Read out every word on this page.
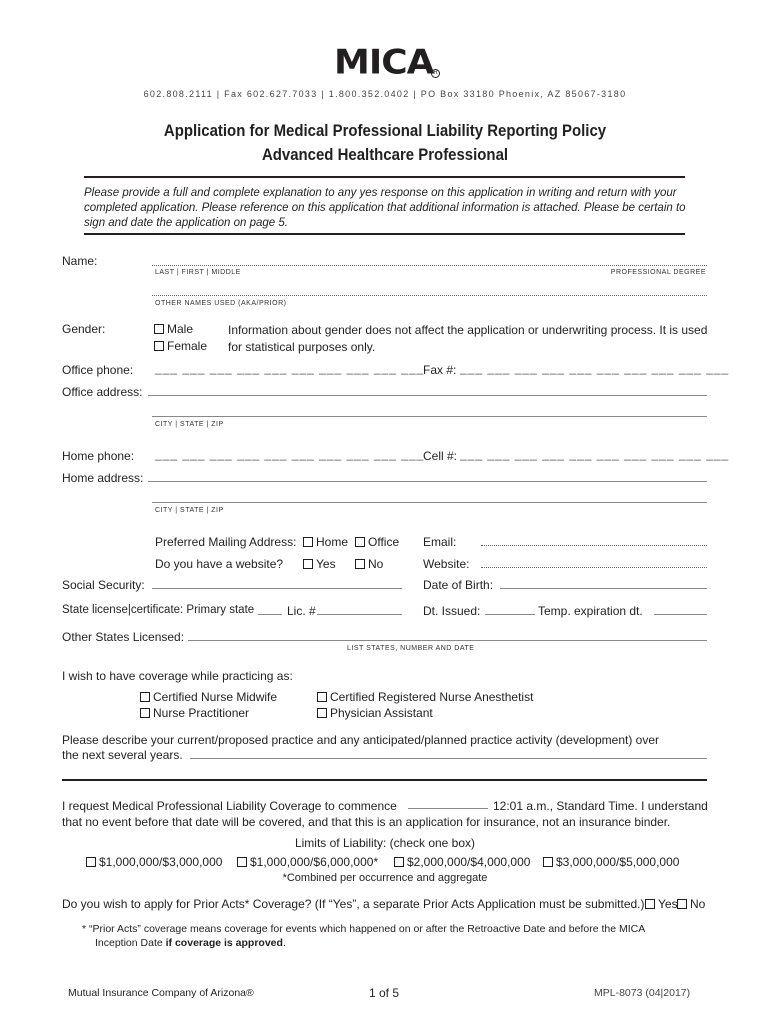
MICA R
602.808.2111 | Fax 602.627.7033 | 1.800.352.0402 | PO Box 33180 Phoenix, AZ 85067-3180
Application for Medical Professional Liability Reporting Policy
Advanced Healthcare Professional
Please provide a full and complete explanation to any yes response on this application in writing and return with your completed application. Please reference on this application that additional information is attached. Please be certain to sign and date the application on page 5.
Name:
LAST | FIRST | MIDDLE	PROFESSIONAL DEGREE
OTHER NAMES USED (AKA/PRIOR)
Gender:	Male
Female
Information about gender does not affect the application or underwriting process. It is used for statistical purposes only.
Office phone: ___ ___ ___ ___ ___ ___ ___ ___ ___ ___
Fax #: ___ ___ ___ ___ ___ ___ ___ ___ ___ ___
Office address:
CITY | STATE | ZIP
Home phone: ___ ___ ___ ___ ___ ___ ___ ___ ___ ___
Cell #: ___ ___ ___ ___ ___ ___ ___ ___ ___ ___
Home address:
CITY | STATE | ZIP
Preferred Mailing Address:	Home	Office Email:
Do you have a website?	Yes	No	Website:
Social Security:	Date of Birth:
State license|certificate: Primary state	Lic. #	Dt. Issued:	Temp. expiration dt.
Other States Licensed:
LIST STATES, NUMBER AND DATE
I wish to have coverage while practicing as:
Certified Nurse Midwife	Certified Registered Nurse Anesthetist
Nurse Practitioner	Physician Assistant
Please describe your current/proposed practice and any anticipated/planned practice activity (development) over
the next several years.
I request Medical Professional Liability Coverage to commence	12:01 a.m., Standard Time. I understand
that no event before that date will be covered, and that this is an application for insurance, not an insurance binder.
Limits of Liability: (check one box)
$1,000,000/$3,000,000	$1,000,000/$6,000,000*	$2,000,000/$4,000,000	$3,000,000/$5,000,000
*Combined per occurrence and aggregate
Do you wish to apply for Prior Acts* Coverage? (If “Yes”, a separate Prior Acts Application must be submitted.)	Yes	No
* “Prior Acts” coverage means coverage for events which happened on or after the Retroactive Date and before the MICA
Inception Date if coverage is approved.
Mutual Insurance Company of Arizona®	1 of 5	MPL-8073 (04|2017)
